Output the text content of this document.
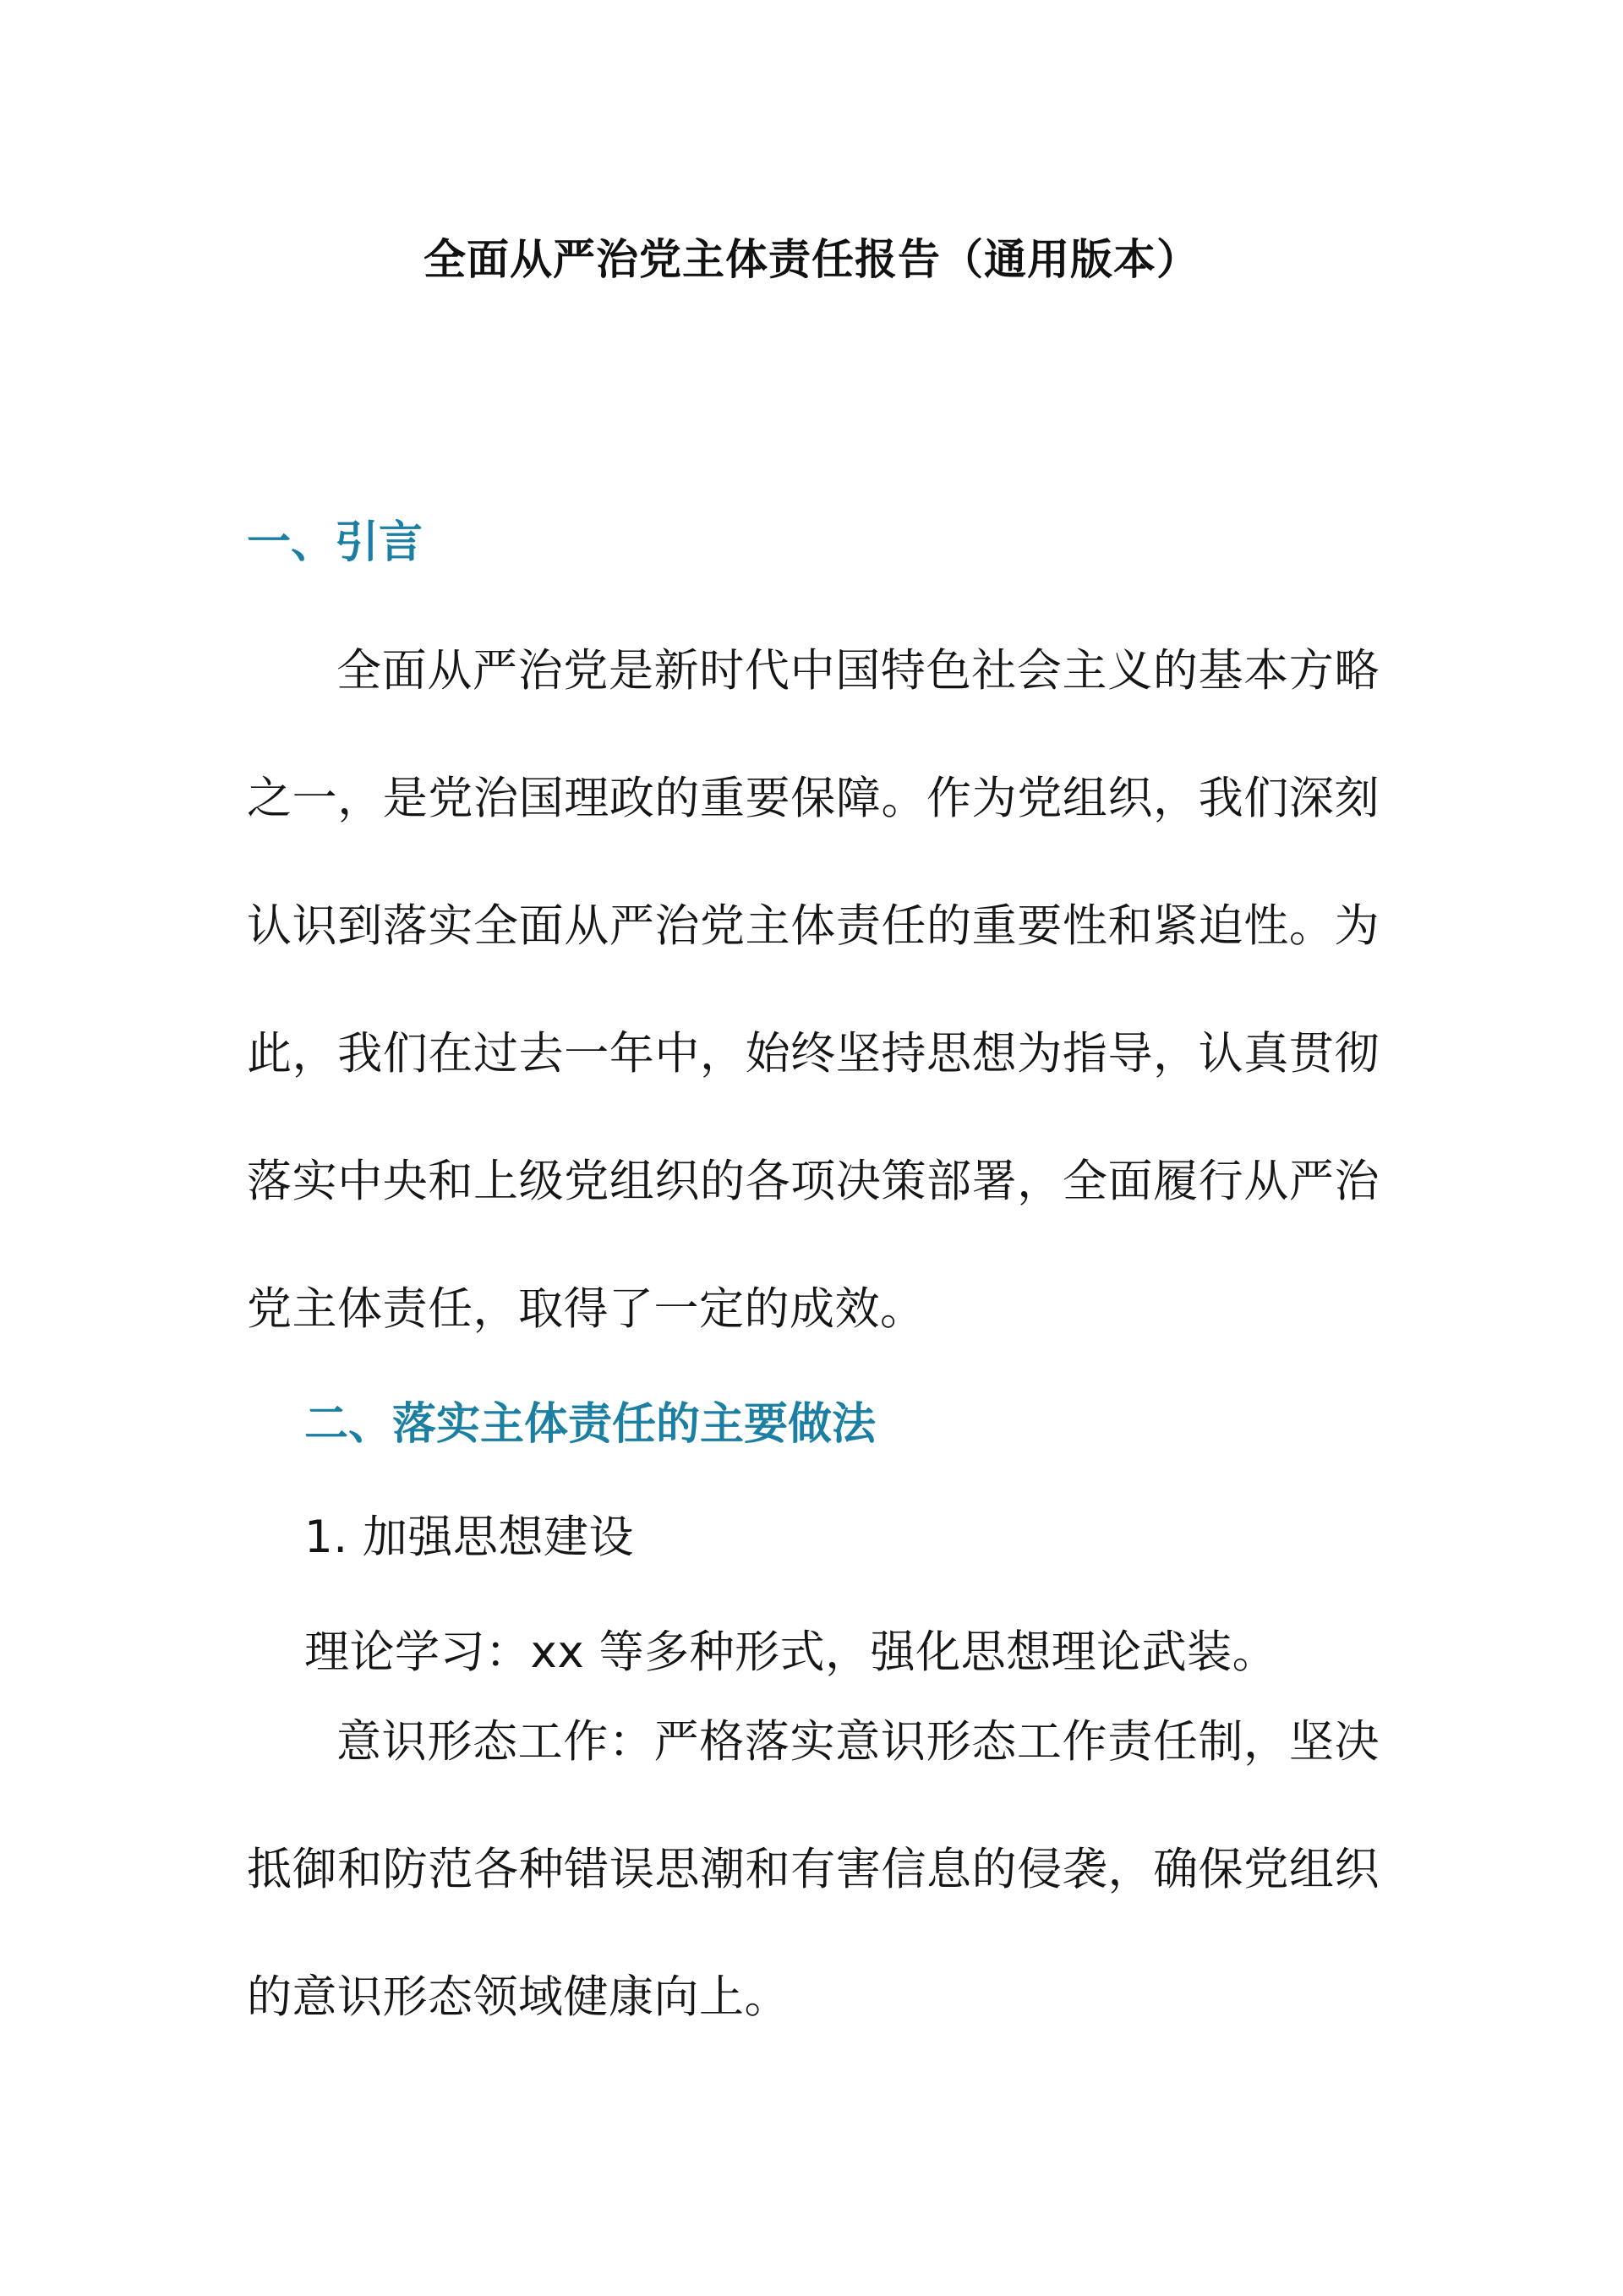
全面从严治党主体责任报告（通用版本）
一、引言
全面从严治党是新时代中国特色社会主义的基本方略之一，是党治国理政的重要保障。作为党组织，我们深刻认识到落实全面从严治党主体责任的重要性和紧迫性。为此，我们在过去一年中，始终坚持思想为指导，认真贯彻落实中央和上级党组织的各项决策部署，全面履行从严治党主体责任，取得了一定的成效。
二、落实主体责任的主要做法
1. 加强思想建设
理论学习：xx 等多种形式，强化思想理论武装。
意识形态工作：严格落实意识形态工作责任制，坚决抵御和防范各种错误思潮和有害信息的侵袭，确保党组织的意识形态领域健康向上。
